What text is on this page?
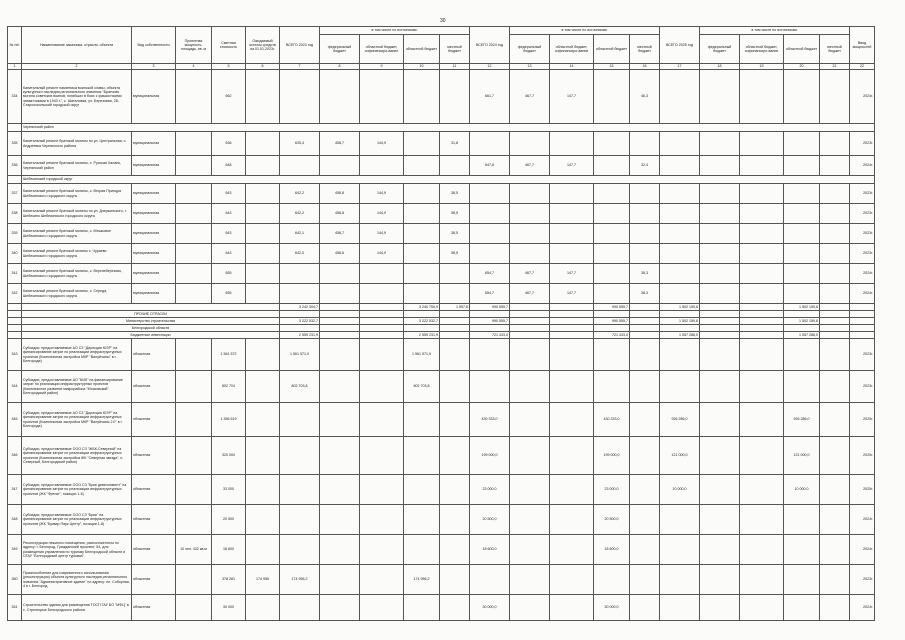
30
№ п/п	Наименование заказчика, отрасли, объекта	Вид собственности	Проектная мощность, площадь, кв. м	Сметная стоимость	Ожидаемый остаток средств на 01.01.2023г.	ВСЕГО 2023 год	в том числе по источникам:				ВСЕГО 2024 год	в том числе по источникам:				ВСЕГО 2025 год	в том числе по источникам:				Ввод мощностей
							федеральный бюджет	областной бюджет, софинансиро-вание	областной бюджет	местный бюджет		федеральный бюджет	областной бюджет, софинансиро-вание	областной бюджет	местный бюджет		федеральный бюджет	областной бюджет, софинансиро-вание	областной бюджет	местный бюджет	
1	2	3	4	5	6	7	8	9	10	11	12	13	14	15	16	17	18	19	20	21	22
334	Капитальный ремонт памятника воинской славы, объекта культурного наследия регионального значения "Братская могила советских воинов, погибших в боях с фашистскими захватчиками в 1943 г.", с. Шаталовка, ул. Березовая, 28, Старооскольский городской округ	муниципальная		662							661,7	467,7	147,7		46,3						2024г.
	Чернянский район																				
335	Капитальный ремонт братской могилы по ул. Центральная, с. Андреевка Чернянского района	муниципальная		636		635,4	458,7	144,9		31,8											2023г.
336	Капитальный ремонт братской могилы, с. Русская Халань, Чернянский район	муниципальная		648							647,8	467,7	147,7		32,4						2024г.
	Шебекинский городской округ																				
337	Капитальный ремонт братской могилы, с. Вторая Принцра Шебекинского городского округа	муниципальная		643		642,2	458,8	144,9		38,5											2023г.
338	Капитальный ремонт братской могилы по ул. Дзержинского, г. Шебекино Шебекинского городского округа	муниципальная		643		642,2	458,8	144,9		38,5											2023г.
339	Капитальный ремонт братской могилы, с. Мешковое Шебекинского городского округа	муниципальная		643		642,1	458,7	144,9		38,5											2023г.
340	Капитальный ремонт братской могилы с. Чураево Шебекинского городского округа	муниципальная		643		642,0	458,6	144,9		38,5											2023г.
341	Капитальный ремонт братской могилы, с. Верхнеберезово, Шебекинского городского округа	муниципальная		655							654,7	467,7	147,7		38,3						2024г.
342	Капитальный ремонт братской могилы, с. Середа, Шебекинского городского округа	муниципальная		655							654,7	467,7	147,7		38,3						2024г.
						3 242 304,7			3 240 706,9	1 597,8	990 555,7			990 555,7		1 502 159,6			1 502 159,6		
	ПРОЧИЕ ОТРАСЛИ																				
	Министерство строительства					3 222 532,7			3 222 532,7		990 555,7			990 555,7		1 502 159,6			1 502 159,6		
	Белгородской области																				
	Бюджетные инвестиции					2 559 231,9			2 559 231,9		721 433,0			721 433,0		1 057 286,0			1 057 286,0		
343	Субсидии, предоставляемые АО СЗ "Дирекция ЮЗР" на финансирование затрат по реализации инфраструктурных проектов (Комплексная застройка МКР "Валуйчаны" в г. Белгороде)	областная		1 561 572		1 561 571,9			1 561 571,9												2023г.
344	Субсидии, предоставляемые АО "БИК" на финансирование затрат по реализации инфраструктурных проектов (Комплексное развитие микрорайона "Московский" Белгородский район)	областная		802 704		802 703,8			802 703,8												2023г.
345	Субсидии, предоставляемые АО СЗ "Дирекция ЮЗР" на финансирование затрат по реализации инфраструктурных проектов (Комплексная застройка МКР "Валуйчаны 2.0" в г. Белгороде)	областная		1 356 619							430 333,0			430 333,0		926 286,0			926 286,0		2025г.
346	Субсидии, предоставляемые ООО СЗ "ЖБК-Северный" на финансирование затрат по реализации инфраструктурных проектов (Комплексная застройка ЖК "Северная звезда", п. Северный, Белгородский район)	областная		320 000							199 000,0			199 000,0		121 000,0			121 000,0		2025г.
347	Субсидии, предоставляемые ООО СЗ "Брик девелопмент" на финансирование затрат по реализации инфраструктурных проектов (ЖК "Фрегат", позиции 1-6)	областная		33 000							23 000,0			23 000,0		10 000,0			10 000,0		2025г.
348	Субсидии, предоставляемые ООО СЗ "Брик" на финансирование затрат по реализации инфраструктурных проектов (ЖК "Буквар Парк Центр", позиции 1-8)	областная		20 500							20 500,0			20 500,0							2024г.
349	Реконструкция нежилого помещения, расположенного по адресу: г. Белгород, Гражданский проспект, 54, для размещения управления по туризму Белгородской области и ОГАУ "Белгородский центр туризма"	областная	10 чел. 432 кв.м	18 600							18 600,0			18 600,0							2024г.
350	Приспособление для современного использования (реконструкция) объекта культурного наследия регионального значения "Административное здание" по адресу: пл. Соборная, 4 в г. Белгород	областная		378 281	174 956	174 956,2			174 956,2												2023г.
351	Строительство здания для размещения ТОСП ГАУ БО "МФЦ" в с. Стрелецкое Белгородского района	областная		30 000							30 000,0			30 000,0							2024г.
